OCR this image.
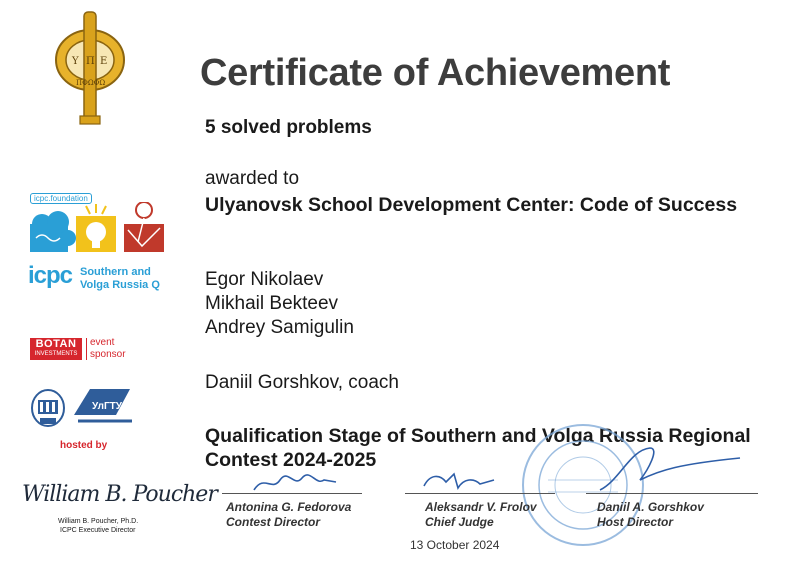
Y Π E
ΠΦΩΦΩ
icpc.foundation
icpc Southern and
Volga Russia Q
BOTAN
INVESTMENTS
event
sponsor
УлГТУ
hosted by
William B. Poucher
William B. Poucher, Ph.D.
ICPC Executive Director
Certificate of Achievement
5 solved problems
awarded to
Ulyanovsk School Development Center: Code of Success
Egor Nikolaev
Mikhail Bekteev
Andrey Samigulin
Daniil Gorshkov, coach
Qualification Stage of Southern and Volga Russia Regional Contest 2024-2025
Antonina G. Fedorova
Contest Director
Aleksandr V. Frolov
Chief Judge
Daniil A. Gorshkov
Host Director
13 October 2024
